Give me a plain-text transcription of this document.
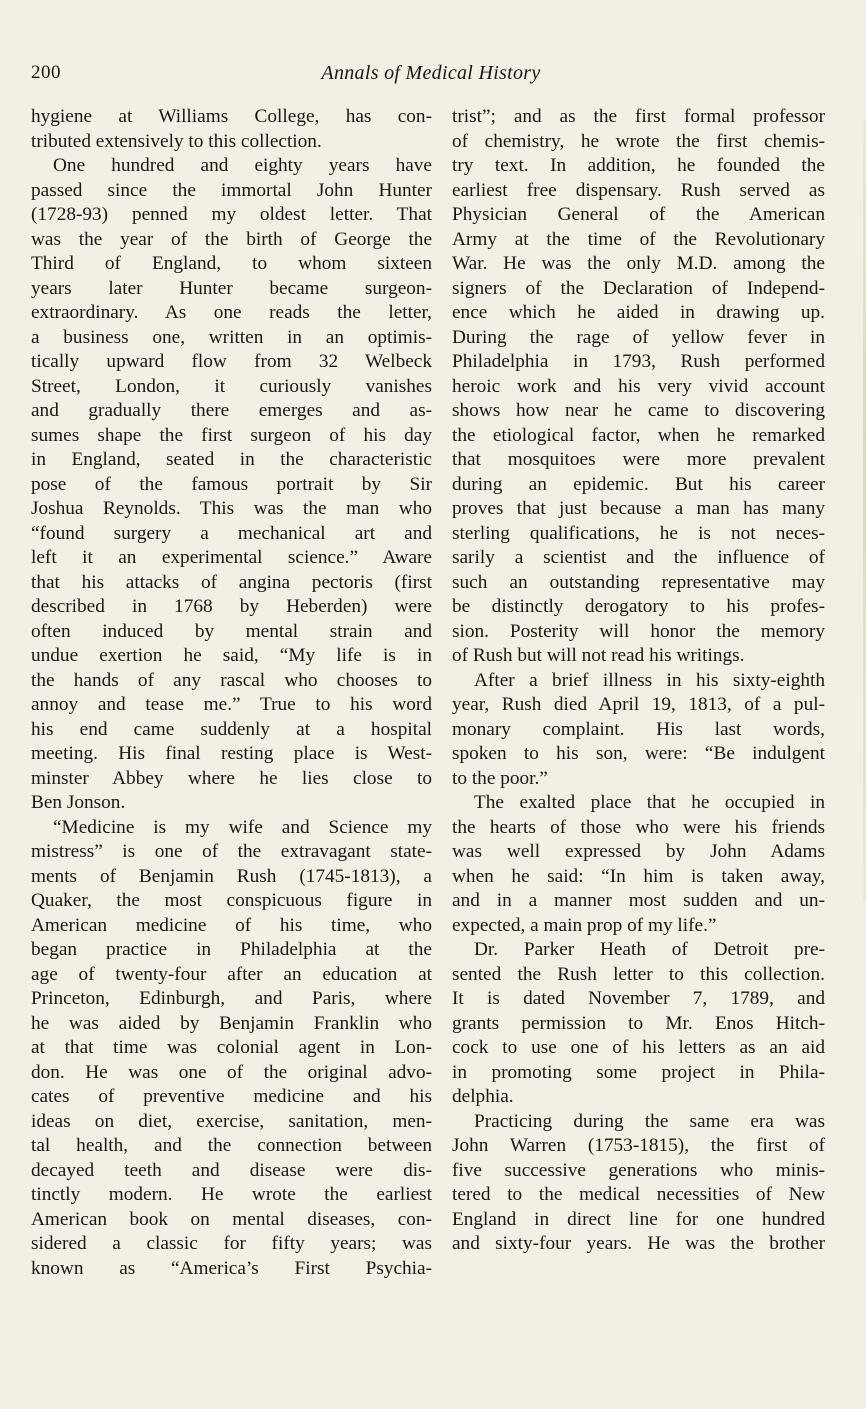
200	Annals of Medical History
hygiene at Williams College, has con-
tributed extensively to this collection.
One hundred and eighty years have
passed since the immortal John Hunter
(1728-93) penned my oldest letter. That
was the year of the birth of George the
Third of England, to whom sixteen
years later Hunter became surgeon-
extraordinary. As one reads the letter,
a business one, written in an optimis-
tically upward flow from 32 Welbeck
Street, London, it curiously vanishes
and gradually there emerges and as-
sumes shape the first surgeon of his day
in England, seated in the characteristic
pose of the famous portrait by Sir
Joshua Reynolds. This was the man who
“found surgery a mechanical art and
left it an experimental science.” Aware
that his attacks of angina pectoris (first
described in 1768 by Heberden) were
often induced by mental strain and
undue exertion he said, “My life is in
the hands of any rascal who chooses to
annoy and tease me.” True to his word
his end came suddenly at a hospital
meeting. His final resting place is West-
minster Abbey where he lies close to
Ben Jonson.
“Medicine is my wife and Science my
mistress” is one of the extravagant state-
ments of Benjamin Rush (1745-1813), a
Quaker, the most conspicuous figure in
American medicine of his time, who
began practice in Philadelphia at the
age of twenty-four after an education at
Princeton, Edinburgh, and Paris, where
he was aided by Benjamin Franklin who
at that time was colonial agent in Lon-
don. He was one of the original advo-
cates of preventive medicine and his
ideas on diet, exercise, sanitation, men-
tal health, and the connection between
decayed teeth and disease were dis-
tinctly modern. He wrote the earliest
American book on mental diseases, con-
sidered a classic for fifty years; was
known as “America’s First Psychia-
trist”; and as the first formal professor
of chemistry, he wrote the first chemis-
try text. In addition, he founded the
earliest free dispensary. Rush served as
Physician General of the American
Army at the time of the Revolutionary
War. He was the only M.D. among the
signers of the Declaration of Independ-
ence which he aided in drawing up.
During the rage of yellow fever in
Philadelphia in 1793, Rush performed
heroic work and his very vivid account
shows how near he came to discovering
the etiological factor, when he remarked
that mosquitoes were more prevalent
during an epidemic. But his career
proves that just because a man has many
sterling qualifications, he is not neces-
sarily a scientist and the influence of
such an outstanding representative may
be distinctly derogatory to his profes-
sion. Posterity will honor the memory
of Rush but will not read his writings.
After a brief illness in his sixty-eighth
year, Rush died April 19, 1813, of a pul-
monary complaint. His last words,
spoken to his son, were: “Be indulgent
to the poor.”
The exalted place that he occupied in
the hearts of those who were his friends
was well expressed by John Adams
when he said: “In him is taken away,
and in a manner most sudden and un-
expected, a main prop of my life.”
Dr. Parker Heath of Detroit pre-
sented the Rush letter to this collection.
It is dated November 7, 1789, and
grants permission to Mr. Enos Hitch-
cock to use one of his letters as an aid
in promoting some project in Phila-
delphia.
Practicing during the same era was
John Warren (1753-1815), the first of
five successive generations who minis-
tered to the medical necessities of New
England in direct line for one hundred
and sixty-four years. He was the brother
